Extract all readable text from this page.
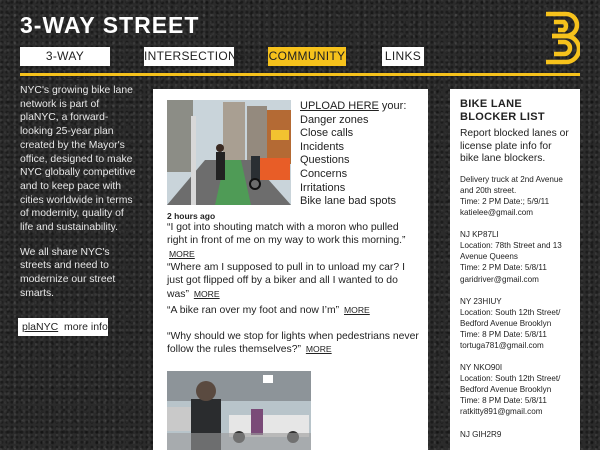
3-WAY STREET
3-WAY	INTERSECTIONS COMMUNITY	LINKS

NYC's growing bike lane network is part of plaNYC, a forward-looking 25-year plan created by the Mayor's office, designed to make NYC globally competitive and to keep pace with cities worldwide in terms of modernity, quality of life and sustainability.

We all share NYC's streets and need to modernize our street smarts.

plaNYC more info
UPLOAD HERE your:
Danger zones
Close calls
Incidents
Questions
Concerns
Irritations
Bike lane bad spots
2 hours ago
“I got into shouting match with a moron who pulled right in front of me on my way to work this morning.” MORE
“Where am I supposed to pull in to unload my car? I just got flipped off by a biker and all I wanted to do was” MORE
“A bike ran over my foot and now I’m” MORE
“Why should we stop for lights when pedestrians never follow the rules themselves?” MORE
BIKE LANE BLOCKER LIST
Report blocked lanes or license plate info for bike lane blockers.
Delivery truck at 2nd Avenue and 20th street.
Time: 2 PM Date:; 5/9/11
katielee@gmail.com
NJ KP87LI
Location: 78th Street and 13 Avenue Queens
Time: 2 PM Date: 5/8/11
garidriver@gmail.com
NY 23HIUY
Location: South 12th Street/ Bedford Avenue Brooklyn
Time: 8 PM Date: 5/8/11
tortuga781@gmail.com
NY NKO90I
Location: South 12th Street/ Bedford Avenue Brooklyn
Time: 8 PM Date: 5/8/11
ratkitty891@gmail.com
NJ GIH2R9
